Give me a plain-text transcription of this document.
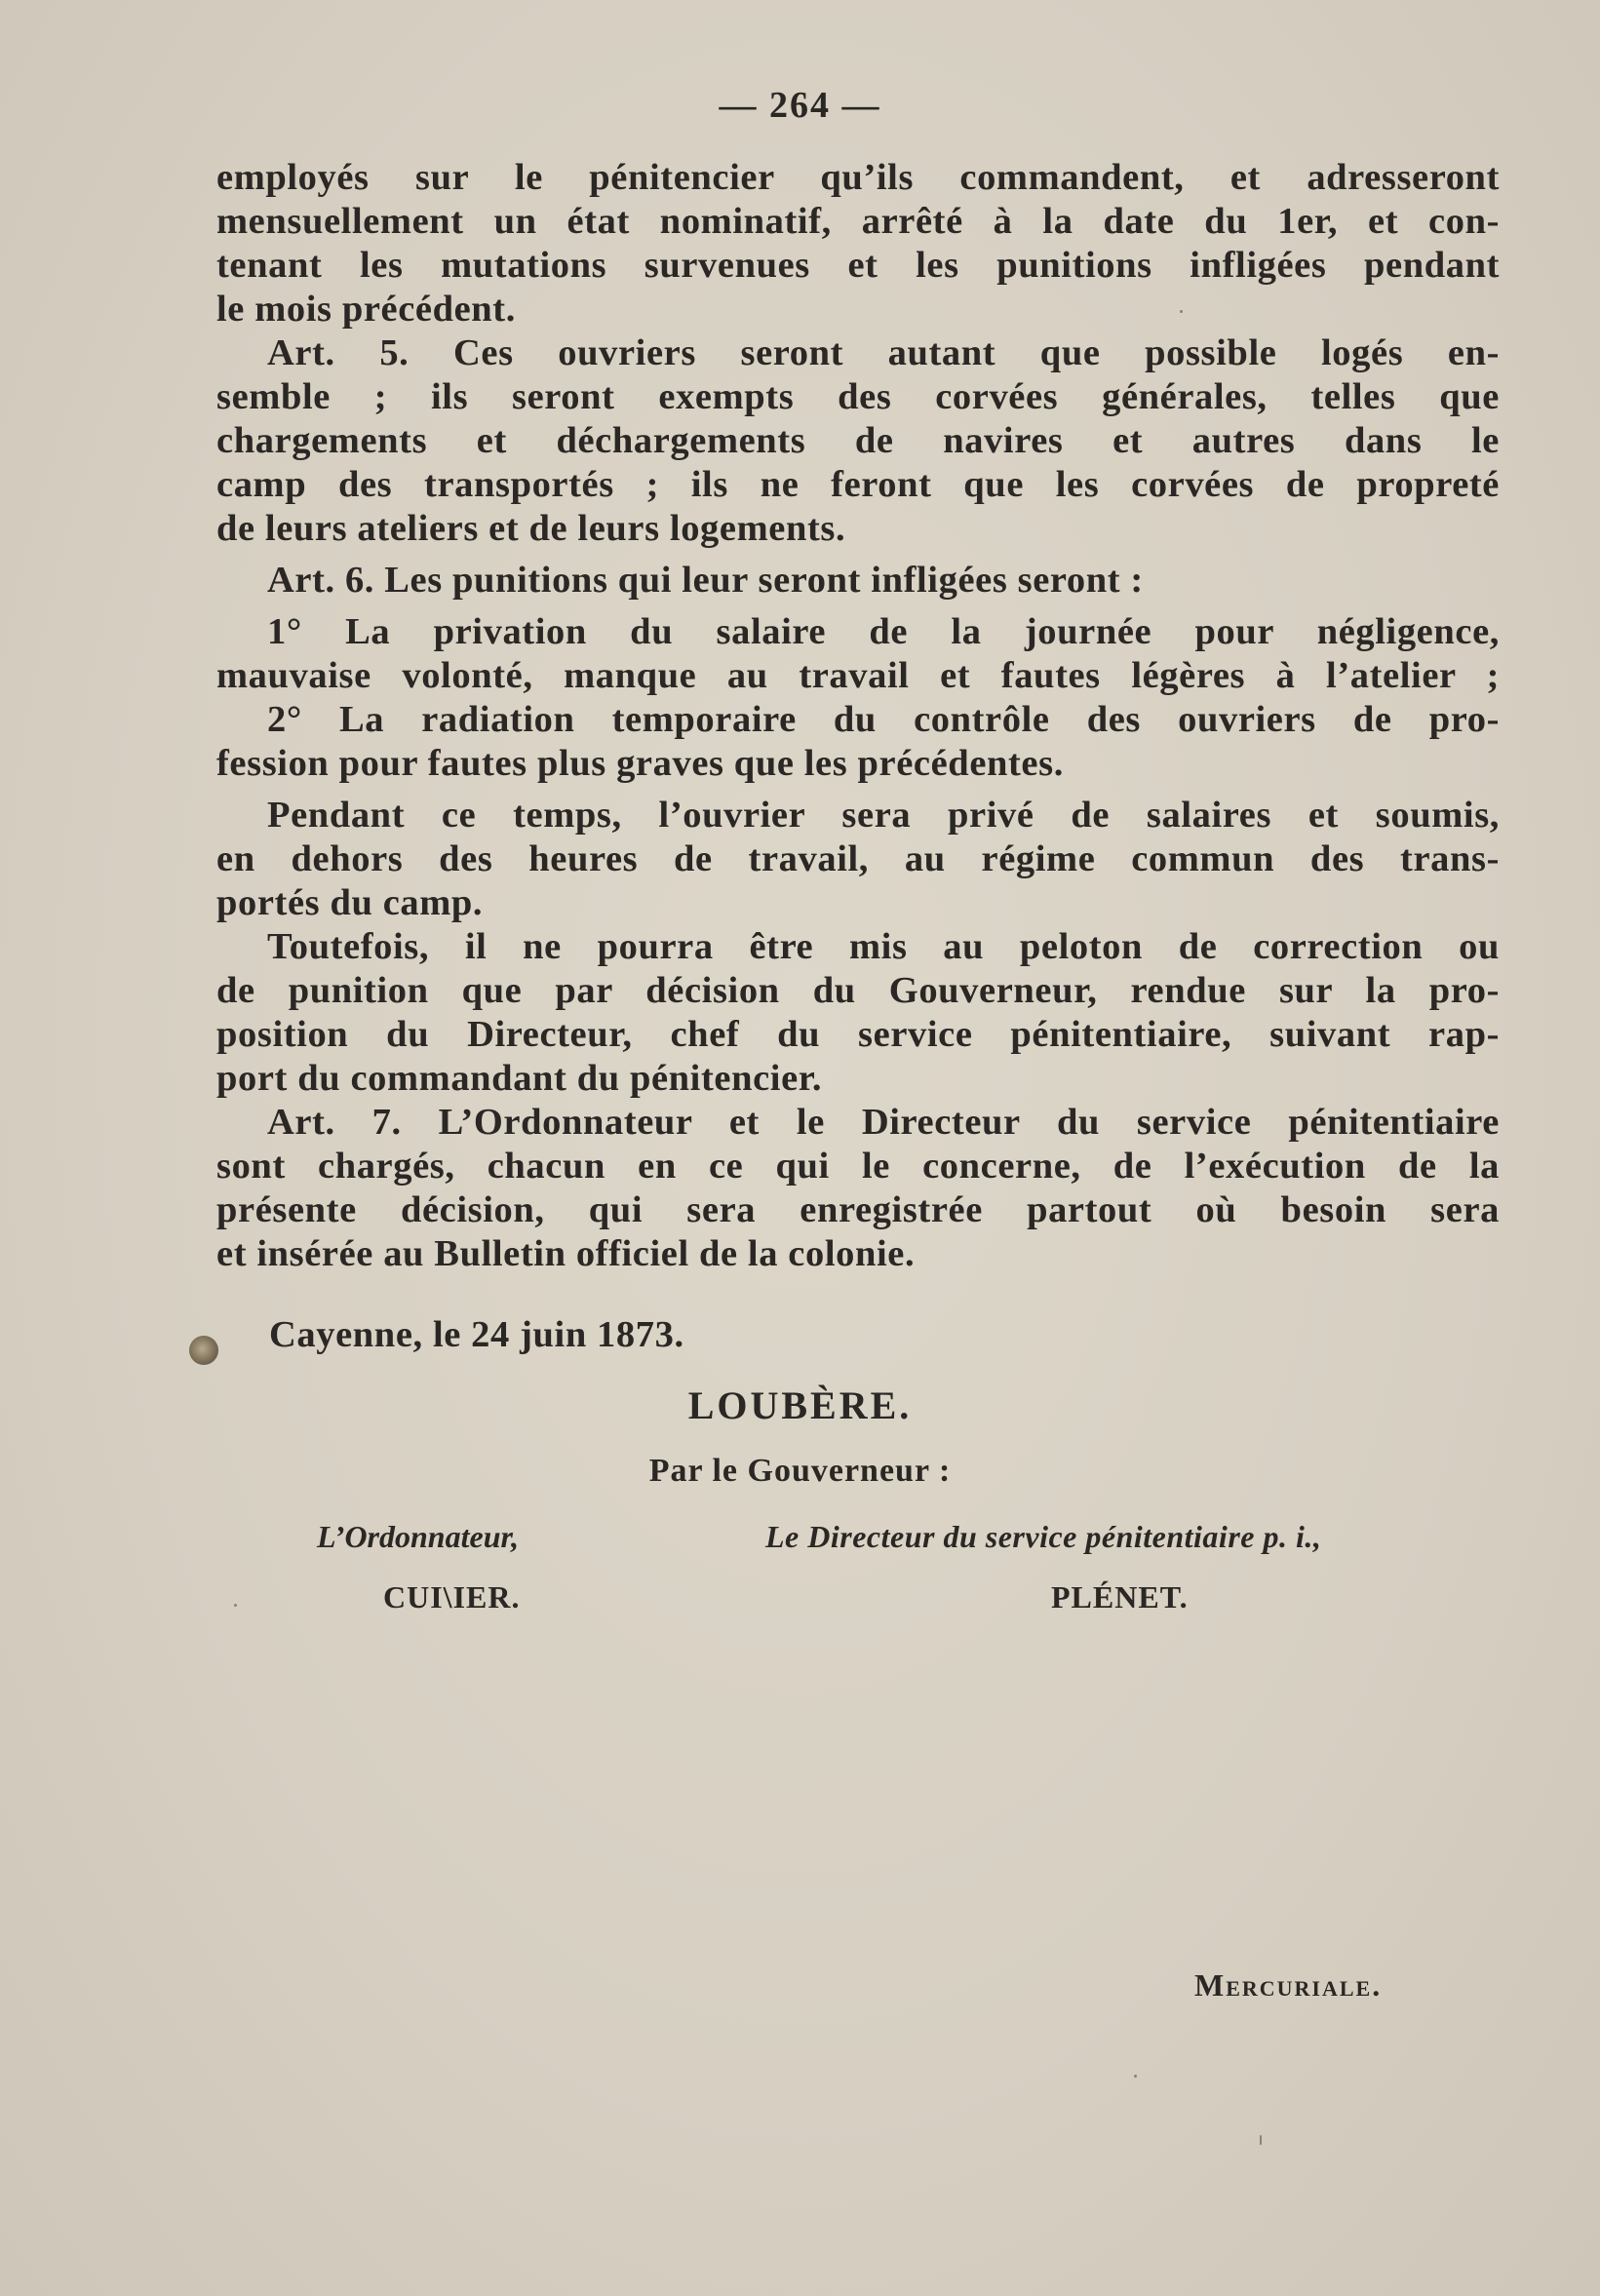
— 264 —
employés sur le pénitencier qu’ils commandent, et adresseront
mensuellement un état nominatif, arrêté à la date du 1er, et con-
tenant les mutations survenues et les punitions infligées pendant
le mois précédent.
Art. 5. Ces ouvriers seront autant que possible logés en-
semble ; ils seront exempts des corvées générales, telles que
chargements et déchargements de navires et autres dans le
camp des transportés ; ils ne feront que les corvées de propreté
de leurs ateliers et de leurs logements.
Art. 6. Les punitions qui leur seront infligées seront :
1° La privation du salaire de la journée pour négligence,
mauvaise volonté, manque au travail et fautes légères à l’atelier ;
2° La radiation temporaire du contrôle des ouvriers de pro-
fession pour fautes plus graves que les précédentes.
Pendant ce temps, l’ouvrier sera privé de salaires et soumis,
en dehors des heures de travail, au régime commun des trans-
portés du camp.
Toutefois, il ne pourra être mis au peloton de correction ou
de punition que par décision du Gouverneur, rendue sur la pro-
position du Directeur, chef du service pénitentiaire, suivant rap-
port du commandant du pénitencier.
Art. 7. L’Ordonnateur et le Directeur du service pénitentiaire
sont chargés, chacun en ce qui le concerne, de l’exécution de la
présente décision, qui sera enregistrée partout où besoin sera
et insérée au Bulletin officiel de la colonie.
Cayenne, le 24 juin 1873.
LOUBÈRE.
Par le Gouverneur :
L’Ordonnateur,	Le Directeur du service pénitentiaire p. i.,
CUI\IER.	PLÉNET.
Mercuriale.
